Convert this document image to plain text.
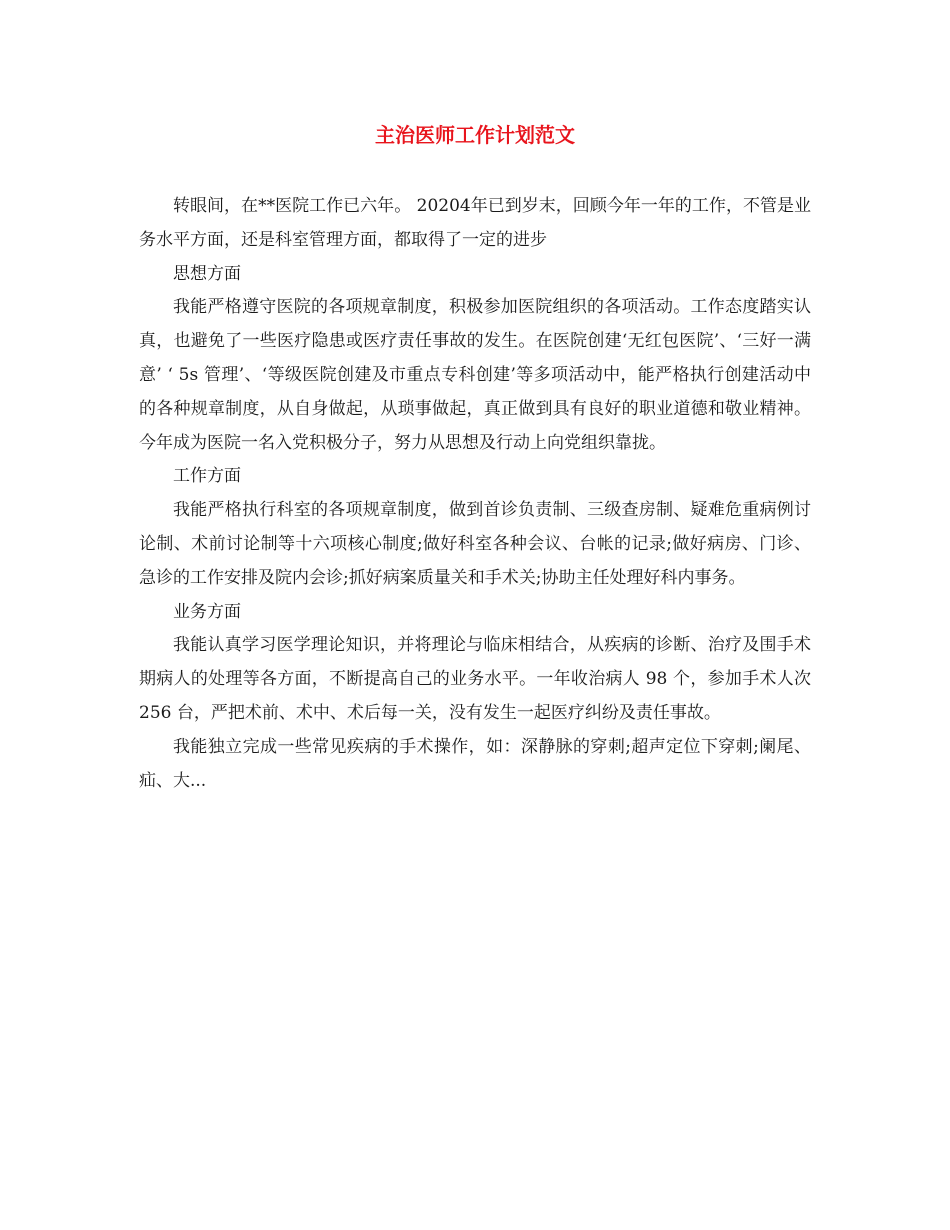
主治医师工作计划范文

转眼间，在**医院工作已六年。 20204年已到岁末，回顾今年一年的工作，不管是业务水平方面，还是科室管理方面，都取得了一定的进步

思想方面

我能严格遵守医院的各项规章制度，积极参加医院组织的各项活动。工作态度踏实认真，也避免了一些医疗隐患或医疗责任事故的发生。在医院创建‘无红包医院’、‘三好一满意’ ‘ 5s 管理’、‘等级医院创建及市重点专科创建’等多项活动中，能严格执行创建活动中的各种规章制度，从自身做起，从琐事做起，真正做到具有良好的职业道德和敬业精神。今年成为医院一名入党积极分子，努力从思想及行动上向党组织靠拢。

工作方面

我能严格执行科室的各项规章制度，做到首诊负责制、三级查房制、疑难危重病例讨论制、术前讨论制等十六项核心制度;做好科室各种会议、台帐的记录;做好病房、门诊、急诊的工作安排及院内会诊;抓好病案质量关和手术关;协助主任处理好科内事务。

业务方面

我能认真学习医学理论知识，并将理论与临床相结合，从疾病的诊断、治疗及围手术期病人的处理等各方面，不断提高自己的业务水平。一年收治病人 98 个，参加手术人次 256 台，严把术前、术中、术后每一关，没有发生一起医疗纠纷及责任事故。

我能独立完成一些常见疾病的手术操作，如：深静脉的穿刺;超声定位下穿刺;阑尾、疝、大...
